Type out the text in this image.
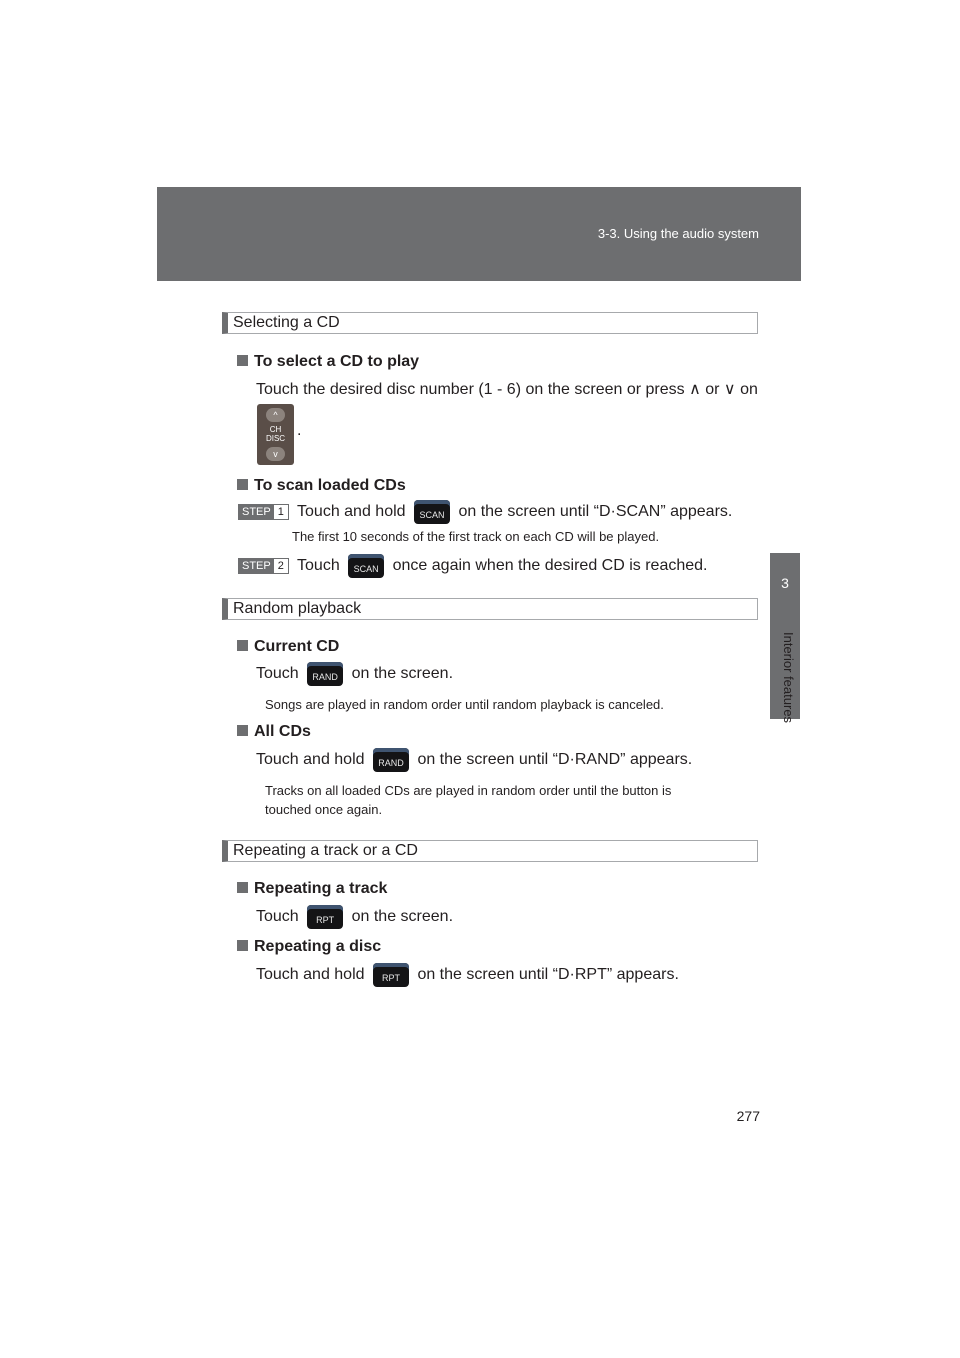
3-3. Using the audio system
3
Interior features
Selecting a CD
To select a CD to play
Touch the desired disc number (1 - 6) on the screen or press ∧ or ∨ on
^
CH
DISC
v
.
To scan loaded CDs
STEP 1 Touch and hold SCAN on the screen until “D·SCAN” appears.
The first 10 seconds of the first track on each CD will be played.
STEP 2 Touch SCAN once again when the desired CD is reached.
Random playback
Current CD
Touch RAND on the screen.
Songs are played in random order until random playback is canceled.
All CDs
Touch and hold RAND on the screen until “D·RAND” appears.
Tracks on all loaded CDs are played in random order until the button is
touched once again.
Repeating a track or a CD
Repeating a track
Touch RPT on the screen.
Repeating a disc
Touch and hold RPT on the screen until “D·RPT” appears.
277
